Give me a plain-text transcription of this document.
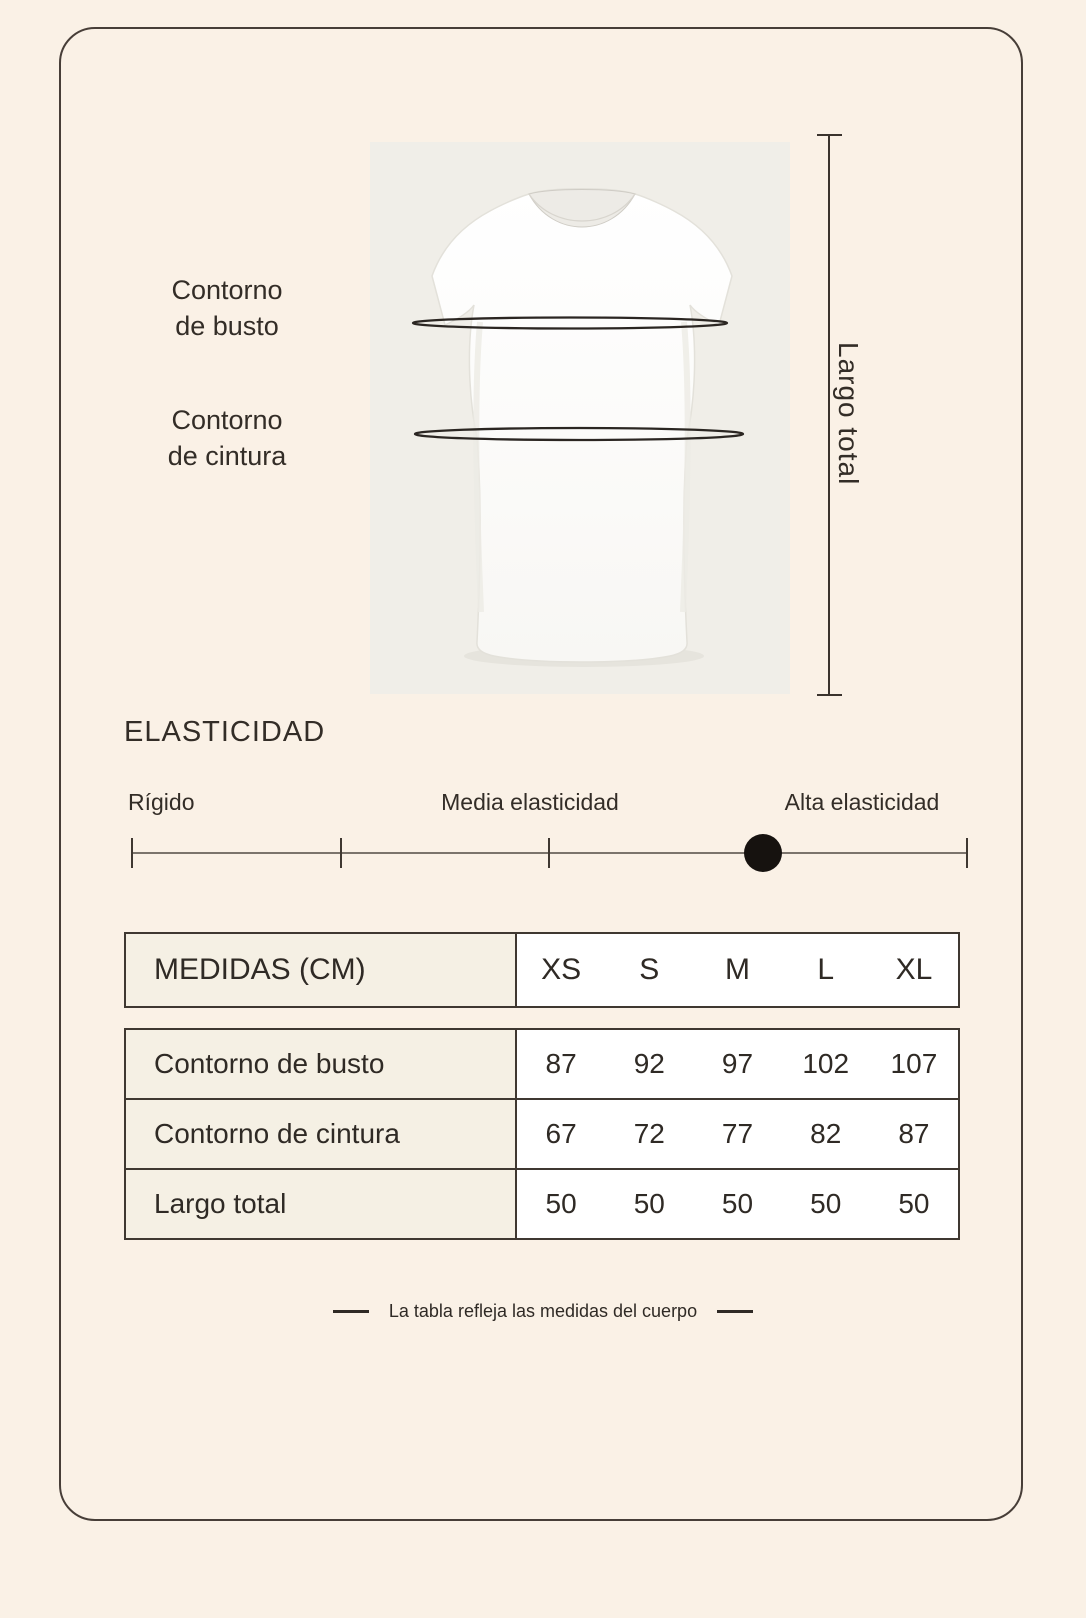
Contorno
de busto
Contorno
de cintura	Largo total
ELASTICIDAD
Rígido	Media elasticidad	Alta elasticidad
MEDIDAS (CM)	XS	S	M	L	XL
Contorno de busto	87	92	97	102	107
Contorno de cintura	67	72	77	82	87
Largo total	50	50	50	50	50
La tabla refleja las medidas del cuerpo
